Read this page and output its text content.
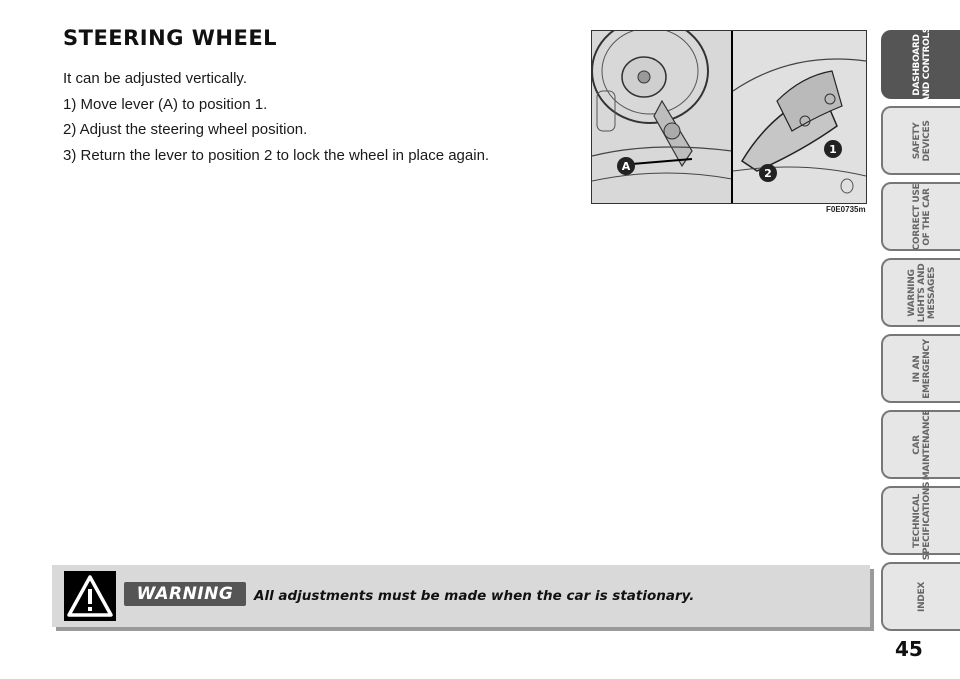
STEERING WHEEL

It can be adjusted vertically.

1) Move lever (A) to position 1.

2) Adjust the steering wheel position.

3) Return the lever to position 2 to lock the wheel in place again.

A
1
2
F0E0735m
WARNING	All adjustments must be made when the car is stationary.
DASHBOARD
AND CONTROLS
SAFETY
DEVICES
CORRECT USE
OF THE CAR
WARNING
LIGHTS AND
MESSAGES
IN AN
EMERGENCY
CAR
MAINTENANCE
TECHNICAL
SPECIFICATIONS
INDEX
45
